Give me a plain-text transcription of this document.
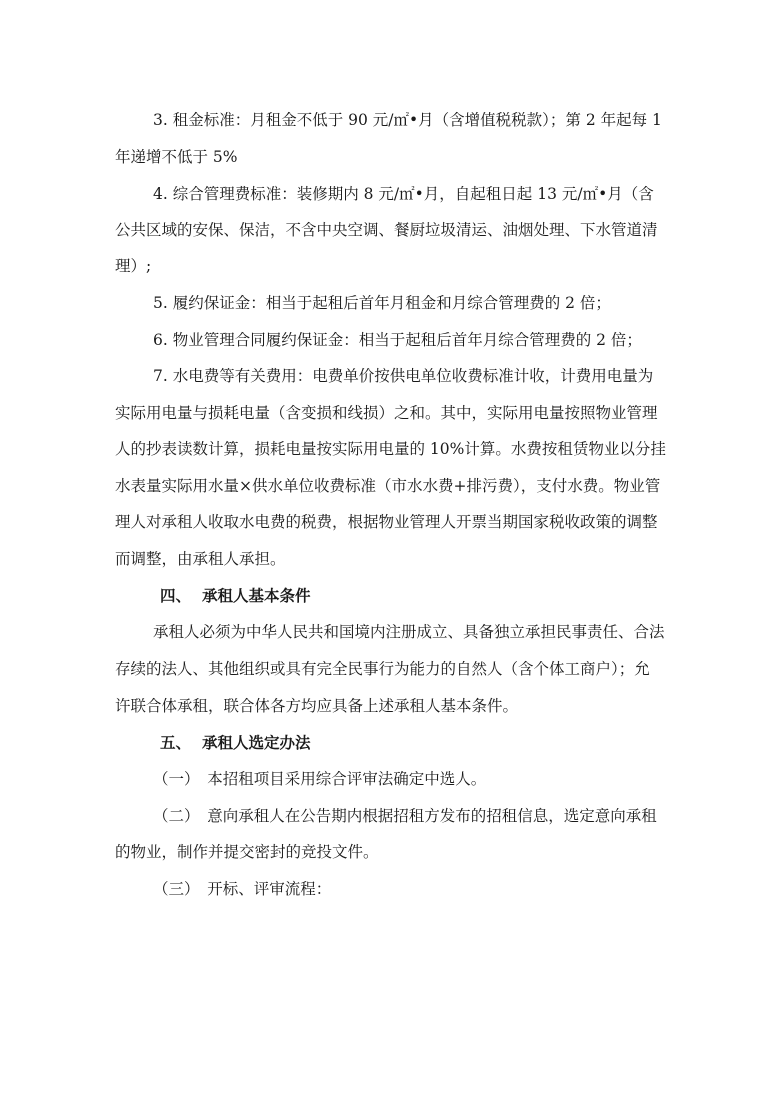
3. 租金标准：月租金不低于 90 元/㎡•月（含增值税税款）；第 2 年起每 1
年递增不低于 5%
4. 综合管理费标准：装修期内 8 元/㎡•月，自起租日起 13 元/㎡•月（含
公共区域的安保、保洁，不含中央空调、餐厨垃圾清运、油烟处理、下水管道清
理）;
5. 履约保证金：相当于起租后首年月租金和月综合管理费的 2 倍；
6. 物业管理合同履约保证金：相当于起租后首年月综合管理费的 2 倍；
7. 水电费等有关费用：电费单价按供电单位收费标准计收，计费用电量为
实际用电量与损耗电量（含变损和线损）之和。其中，实际用电量按照物业管理
人的抄表读数计算，损耗电量按实际用电量的 10%计算。水费按租赁物业以分挂
水表量实际用水量×供水单位收费标准（市水水费+排污费），支付水费。物业管
理人对承租人收取水电费的税费，根据物业管理人开票当期国家税收政策的调整
而调整，由承租人承担。
四、 承租人基本条件
承租人必须为中华人民共和国境内注册成立、具备独立承担民事责任、合法
存续的法人、其他组织或具有完全民事行为能力的自然人（含个体工商户）；允
许联合体承租，联合体各方均应具备上述承租人基本条件。
五、 承租人选定办法
（一）　本招租项目采用综合评审法确定中选人。
（二）　意向承租人在公告期内根据招租方发布的招租信息，选定意向承租
的物业，制作并提交密封的竞投文件。
（三）　开标、评审流程：
